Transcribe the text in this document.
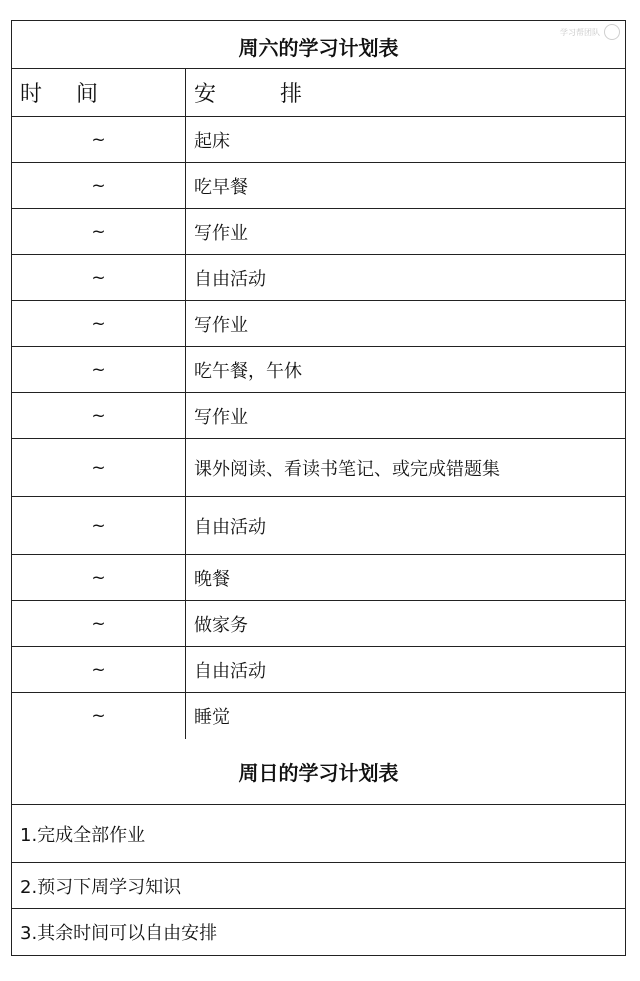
学习帮团队
周六的学习计划表
时间	安排
~	起床
~	吃早餐
~	写作业
~	自由活动
~	写作业
~	吃午餐，午休
~	写作业
~	课外阅读、看读书笔记、或完成错题集
~	自由活动
~	晚餐
~	做家务
~	自由活动
~	睡觉
周日的学习计划表
1.完成全部作业
2.预习下周学习知识
3.其余时间可以自由安排
